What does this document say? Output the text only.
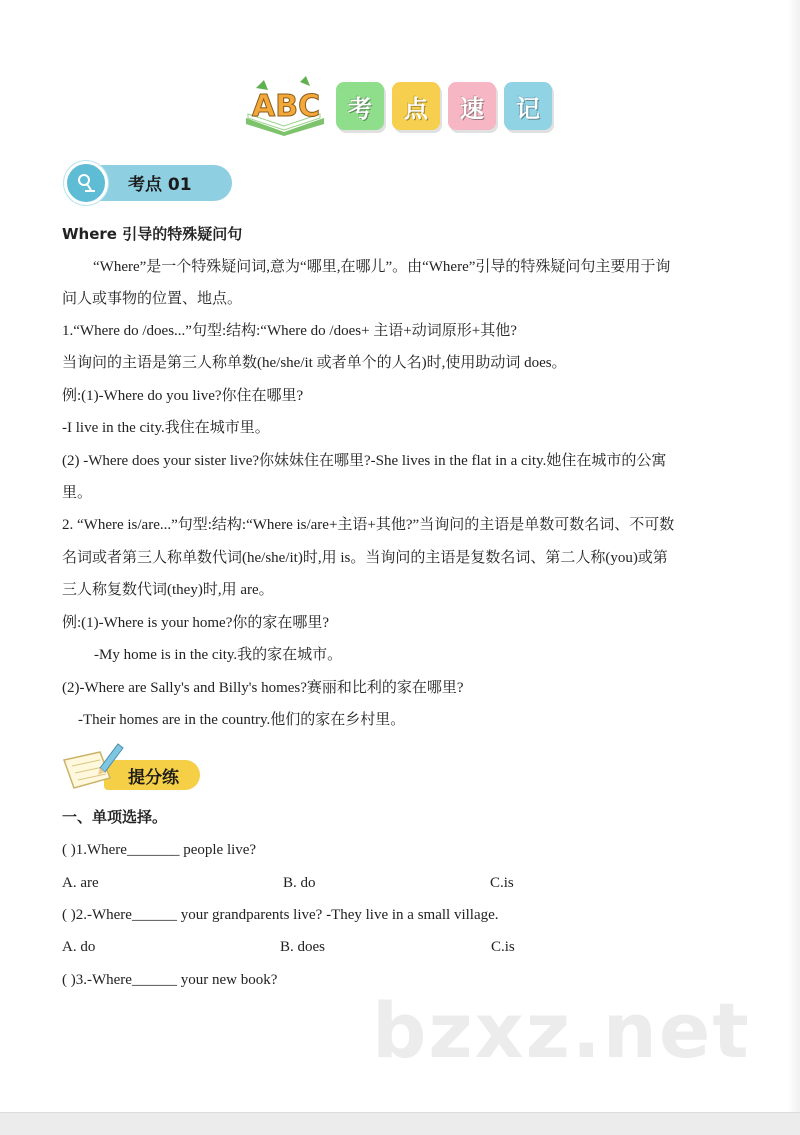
ABC	考	点	速	记
考点 01
Where 引导的特殊疑问句
“Where”是一个特殊疑问词,意为“哪里,在哪儿”。由“Where”引导的特殊疑问句主要用于询
问人或事物的位置、地点。
1.“Where do /does...”句型:结构:“Where do /does+ 主语+动词原形+其他?
当询问的主语是第三人称单数(he/she/it 或者单个的人名)时,使用助动词 does。
例:(1)-Where do you live?你住在哪里?
-I live in the city.我住在城市里。
(2) -Where does your sister live?你妹妹住在哪里?-She lives in the flat in a city.她住在城市的公寓
里。
2. “Where is/are...”句型:结构:“Where is/are+主语+其他?”当询问的主语是单数可数名词、不可数
名词或者第三人称单数代词(he/she/it)时,用 is。当询问的主语是复数名词、第二人称(you)或第
三人称复数代词(they)时,用 are。
例:(1)-Where is your home?你的家在哪里?
-My home is in the city.我的家在城市。
(2)-Where are Sally's and Billy's homes?赛丽和比利的家在哪里?
-Their homes are in the country.他们的家在乡村里。
提分练
一、单项选择。
( )1.Where_______ people live?
A. are	B. do	C.is
( )2.-Where______ your grandparents live? -They live in a small village.
A. do	B. does	C.is
( )3.-Where______ your new book?
bzxz.net
